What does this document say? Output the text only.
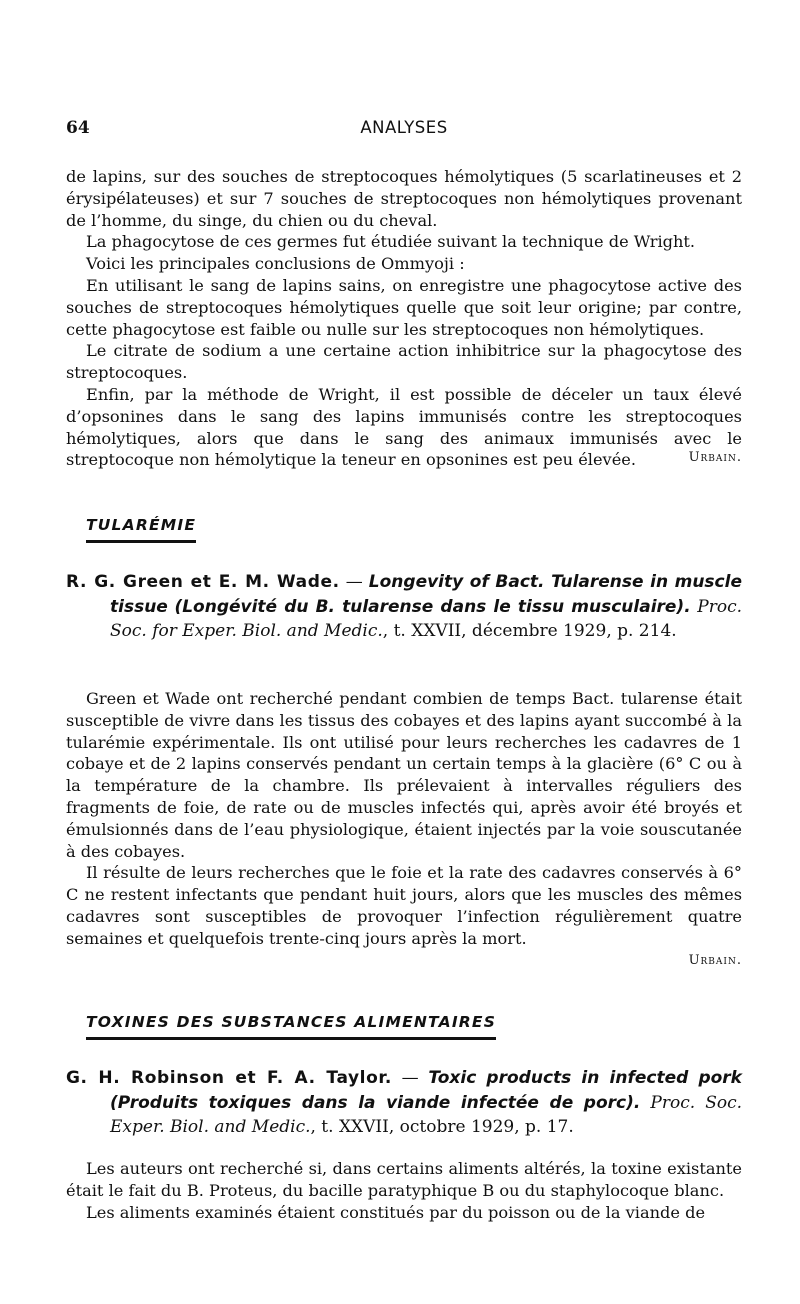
64	ANALYSES

de lapins, sur des souches de streptocoques hémolytiques (5 scarlatineuses et 2 érysipélateuses) et sur 7 souches de streptocoques non hémolytiques provenant de l’homme, du singe, du chien ou du cheval.

La phagocytose de ces germes fut étudiée suivant la technique de Wright.

Voici les principales conclusions de Ommyoji :

En utilisant le sang de lapins sains, on enregistre une phagocytose active des souches de streptocoques hémolytiques quelle que soit leur origine; par contre, cette phagocytose est faible ou nulle sur les streptocoques non hémolytiques.

Le citrate de sodium a une certaine action inhibitrice sur la phagocytose des streptocoques.

Enfin, par la méthode de Wright, il est possible de déceler un taux élevé d’opsonines dans le sang des lapins immunisés contre les streptocoques hémolytiques, alors que dans le sang des animaux immunisés avec le streptocoque non hémolytique la teneur en opsonines est peu élevée.	Urbain.
TULARÉMIE
R. G. Green et E. M. Wade. — Longevity of Bact. Tularense in muscle tissue (Longévité du B. tularense dans le tissu musculaire). Proc. Soc. for Exper. Biol. and Medic., t. XXVII, décembre 1929, p. 214.

Green et Wade ont recherché pendant combien de temps Bact. tularense était susceptible de vivre dans les tissus des cobayes et des lapins ayant succombé à la tularémie expérimentale. Ils ont utilisé pour leurs recherches les cadavres de 1 cobaye et de 2 lapins conservés pendant un certain temps à la glacière (6° C ou à la température de la chambre. Ils prélevaient à intervalles réguliers des fragments de foie, de rate ou de muscles infectés qui, après avoir été broyés et émulsionnés dans de l’eau physiologique, étaient injectés par la voie souscutanée à des cobayes.

Il résulte de leurs recherches que le foie et la rate des cadavres conservés à 6° C ne restent infectants que pendant huit jours, alors que les muscles des mêmes cadavres sont susceptibles de provoquer l’infection régulièrement quatre semaines et quelquefois trente-cinq jours après la mort.

Urbain.
TOXINES DES SUBSTANCES ALIMENTAIRES
G. H. Robinson et F. A. Taylor. — Toxic products in infected pork (Produits toxiques dans la viande infectée de porc). Proc. Soc. Exper. Biol. and Medic., t. XXVII, octobre 1929, p. 17.

Les auteurs ont recherché si, dans certains aliments altérés, la toxine existante était le fait du B. Proteus, du bacille paratyphique B ou du staphylocoque blanc.

Les aliments examinés étaient constitués par du poisson ou de la viande de
